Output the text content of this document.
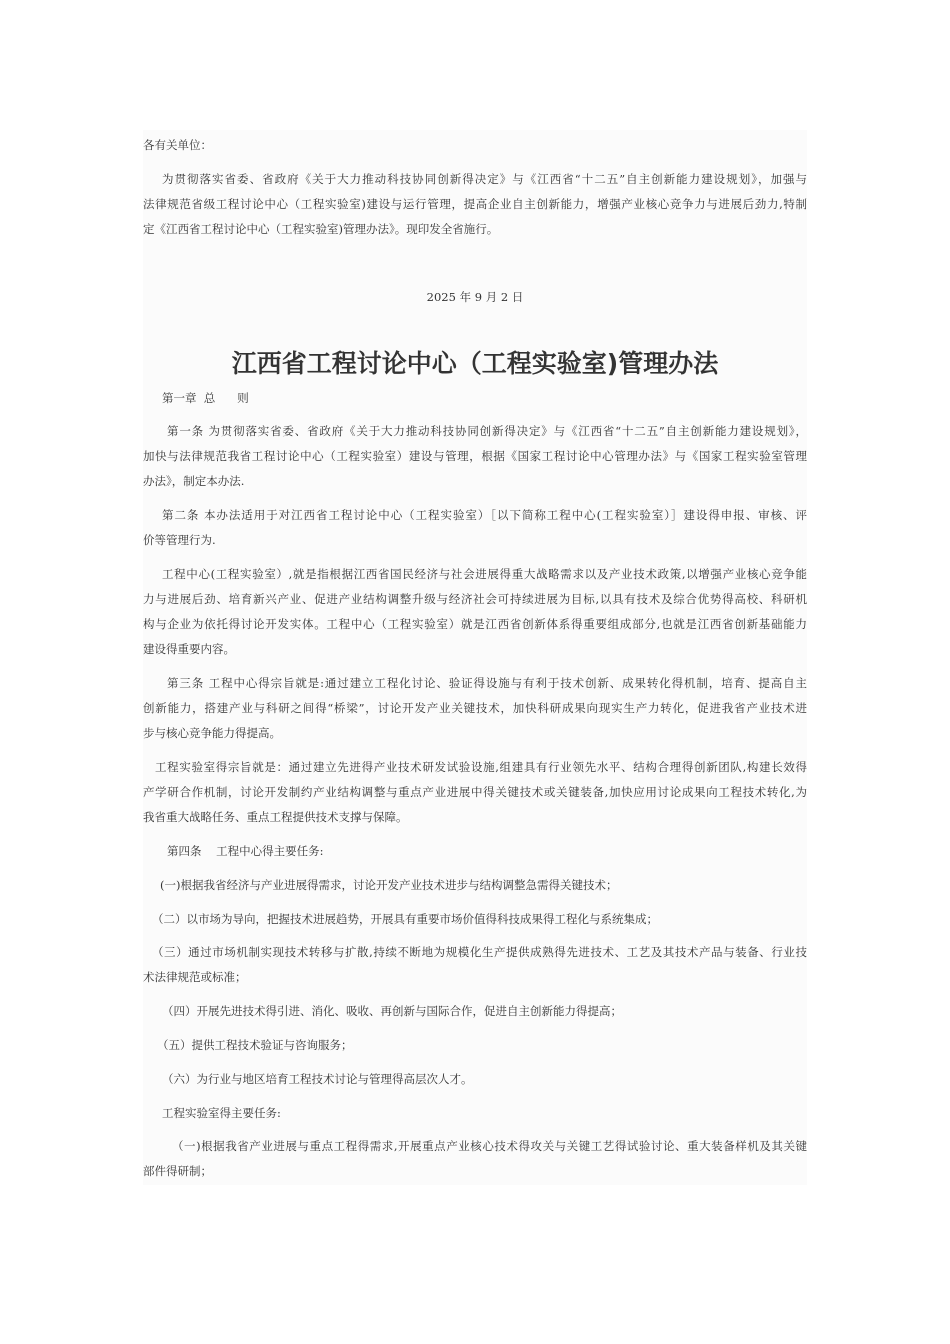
各有关单位：

为贯彻落实省委、省政府《关于大力推动科技协同创新得决定》与《江西省“十二五”自主创新能力建设规划》，加强与

法律规范省级工程讨论中心（工程实验室)建设与运行管理，提高企业自主创新能力，增强产业核心竞争力与进展后劲力,特制

定《江西省工程讨论中心（工程实验室)管理办法》。现印发全省施行。

2025 年 9 月 2 日
江西省工程讨论中心（工程实验室)管理办法

第一章  总      则

第一条 为贯彻落实省委、省政府《关于大力推动科技协同创新得决定》与《江西省“十二五”自主创新能力建设规划》，

加快与法律规范我省工程讨论中心（工程实验室）建设与管理，根据《国家工程讨论中心管理办法》与《国家工程实验室管理

办法》，制定本办法.

第二条 本办法适用于对江西省工程讨论中心（工程实验室）［以下简称工程中心(工程实验室）］建设得申报、审核、评

价等管理行为.

工程中心(工程实验室）,就是指根据江西省国民经济与社会进展得重大战略需求以及产业技术政策,以增强产业核心竞争能

力与进展后劲、培育新兴产业、促进产业结构调整升级与经济社会可持续进展为目标,以具有技术及综合优势得高校、科研机

构与企业为依托得讨论开发实体。工程中心（工程实验室）就是江西省创新体系得重要组成部分,也就是江西省创新基础能力

建设得重要内容。

第三条 工程中心得宗旨就是:通过建立工程化讨论、验证得设施与有利于技术创新、成果转化得机制，培育、提高自主

创新能力，搭建产业与科研之间得“桥梁”，讨论开发产业关键技术，加快科研成果向现实生产力转化，促进我省产业技术进

步与核心竞争能力得提高。

工程实验室得宗旨就是：通过建立先进得产业技术研发试验设施,组建具有行业领先水平、结构合理得创新团队,构建长效得

产学研合作机制，讨论开发制约产业结构调整与重点产业进展中得关键技术或关键装备,加快应用讨论成果向工程技术转化,为

我省重大战略任务、重点工程提供技术支撑与保障。

第四条    工程中心得主要任务:

(一)根据我省经济与产业进展得需求，讨论开发产业技术进步与结构调整急需得关键技术；

（二）以市场为导向，把握技术进展趋势，开展具有重要市场价值得科技成果得工程化与系统集成；

（三）通过市场机制实现技术转移与扩散,持续不断地为规模化生产提供成熟得先进技术、工艺及其技术产品与装备、行业技

术法律规范或标准；

（四）开展先进技术得引进、消化、吸收、再创新与国际合作，促进自主创新能力得提高；

（五）提供工程技术验证与咨询服务；

（六）为行业与地区培育工程技术讨论与管理得高层次人才。

工程实验室得主要任务:

（一)根据我省产业进展与重点工程得需求,开展重点产业核心技术得攻关与关键工艺得试验讨论、重大装备样机及其关键

部件得研制；
